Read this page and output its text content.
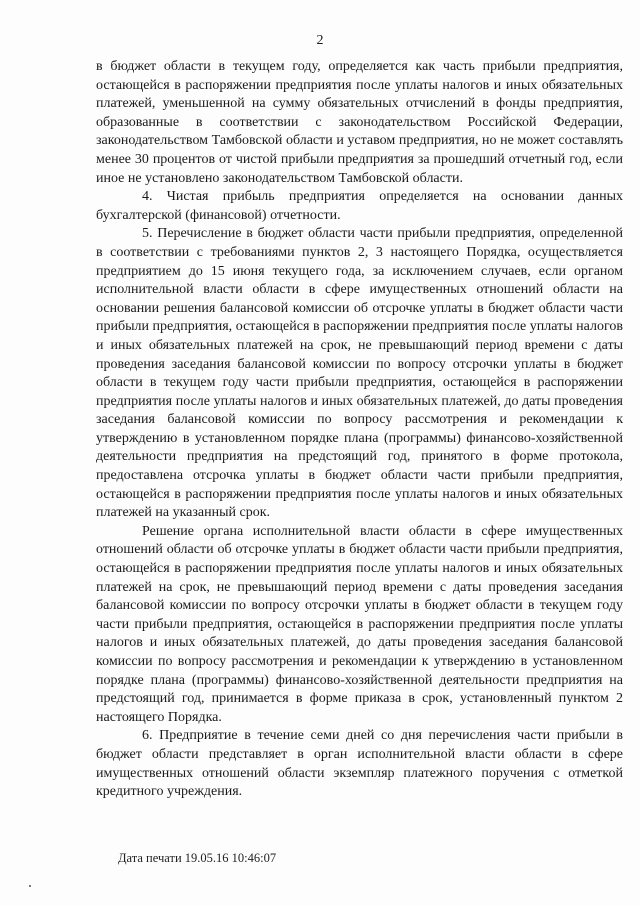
2

в бюджет области в текущем году, определяется как часть прибыли предприятия, остающейся в распоряжении предприятия после уплаты налогов и иных обязательных платежей, уменьшенной на сумму обязательных отчислений в фонды предприятия, образованные в соответствии с законодательством Российской Федерации, законодательством Тамбовской области и уставом предприятия, но не может составлять менее 30 процентов от чистой прибыли предприятия за прошедший отчетный год, если иное не установлено законодательством Тамбовской области.

4. Чистая прибыль предприятия определяется на основании данных бухгалтерской (финансовой) отчетности.

5. Перечисление в бюджет области части прибыли предприятия, определенной в соответствии с требованиями пунктов 2, 3 настоящего Порядка, осуществляется предприятием до 15 июня текущего года, за исключением случаев, если органом исполнительной власти области в сфере имущественных отношений области на основании решения балансовой комиссии об отсрочке уплаты в бюджет области части прибыли предприятия, остающейся в распоряжении предприятия после уплаты налогов и иных обязательных платежей на срок, не превышающий период времени с даты проведения заседания балансовой комиссии по вопросу отсрочки уплаты в бюджет области в текущем году части прибыли предприятия, остающейся в распоряжении предприятия после уплаты налогов и иных обязательных платежей, до даты проведения заседания балансовой комиссии по вопросу рассмотрения и рекомендации к утверждению в установленном порядке плана (программы) финансово-хозяйственной деятельности предприятия на предстоящий год, принятого в форме протокола, предоставлена отсрочка уплаты в бюджет области части прибыли предприятия, остающейся в распоряжении предприятия после уплаты налогов и иных обязательных платежей на указанный срок.

Решение органа исполнительной власти области в сфере имущественных отношений области об отсрочке уплаты в бюджет области части прибыли предприятия, остающейся в распоряжении предприятия после уплаты налогов и иных обязательных платежей на срок, не превышающий период времени с даты проведения заседания балансовой комиссии по вопросу отсрочки уплаты в бюджет области в текущем году части прибыли предприятия, остающейся в распоряжении предприятия после уплаты налогов и иных обязательных платежей, до даты проведения заседания балансовой комиссии по вопросу рассмотрения и рекомендации к утверждению в установленном порядке плана (программы) финансово-хозяйственной деятельности предприятия на предстоящий год, принимается в форме приказа в срок, установленный пунктом 2 настоящего Порядка.

6. Предприятие в течение семи дней со дня перечисления части прибыли в бюджет области представляет в орган исполнительной власти области в сфере имущественных отношений области экземпляр платежного поручения с отметкой кредитного учреждения.

Дата печати 19.05.16 10:46:07
